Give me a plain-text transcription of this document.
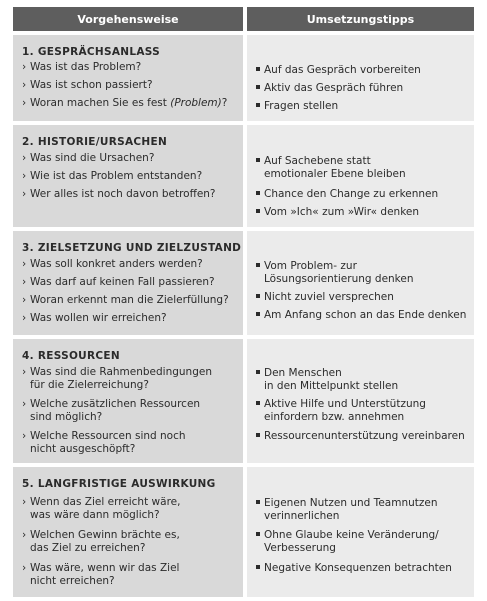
Vorgehensweise	Umsetzungstipps
1. GESPRÄCHSANLASS
› Was ist das Problem?
› Was ist schon passiert?
› Woran machen Sie es fest (Problem)?
Auf das Gespräch vorbereiten
Aktiv das Gespräch führen
Fragen stellen
2. HISTORIE/URSACHEN
› Was sind die Ursachen?
› Wie ist das Problem entstanden?
› Wer alles ist noch davon betroffen?
Auf Sachebene statt
emotionaler Ebene bleiben
Chance den Change zu erkennen
Vom »Ich« zum »Wir« denken
3. ZIELSETZUNG UND ZIELZUSTAND
› Was soll konkret anders werden?
› Was darf auf keinen Fall passieren?
› Woran erkennt man die Zielerfüllung?
› Was wollen wir erreichen?
Vom Problem- zur
Lösungsorientierung denken
Nicht zuviel versprechen
Am Anfang schon an das Ende denken
4. RESSOURCEN
› Was sind die Rahmenbedingungen
für die Zielerreichung?
› Welche zusätzlichen Ressourcen
sind möglich?
› Welche Ressourcen sind noch
nicht ausgeschöpft?
Den Menschen
in den Mittelpunkt stellen
Aktive Hilfe und Unterstützung
einfordern bzw. annehmen
Ressourcenunterstützung vereinbaren
5. LANGFRISTIGE AUSWIRKUNG
› Wenn das Ziel erreicht wäre,
was wäre dann möglich?
› Welchen Gewinn brächte es,
das Ziel zu erreichen?
› Was wäre, wenn wir das Ziel
nicht erreichen?
Eigenen Nutzen und Teamnutzen
verinnerlichen
Ohne Glaube keine Veränderung/
Verbesserung
Negative Konsequenzen betrachten
